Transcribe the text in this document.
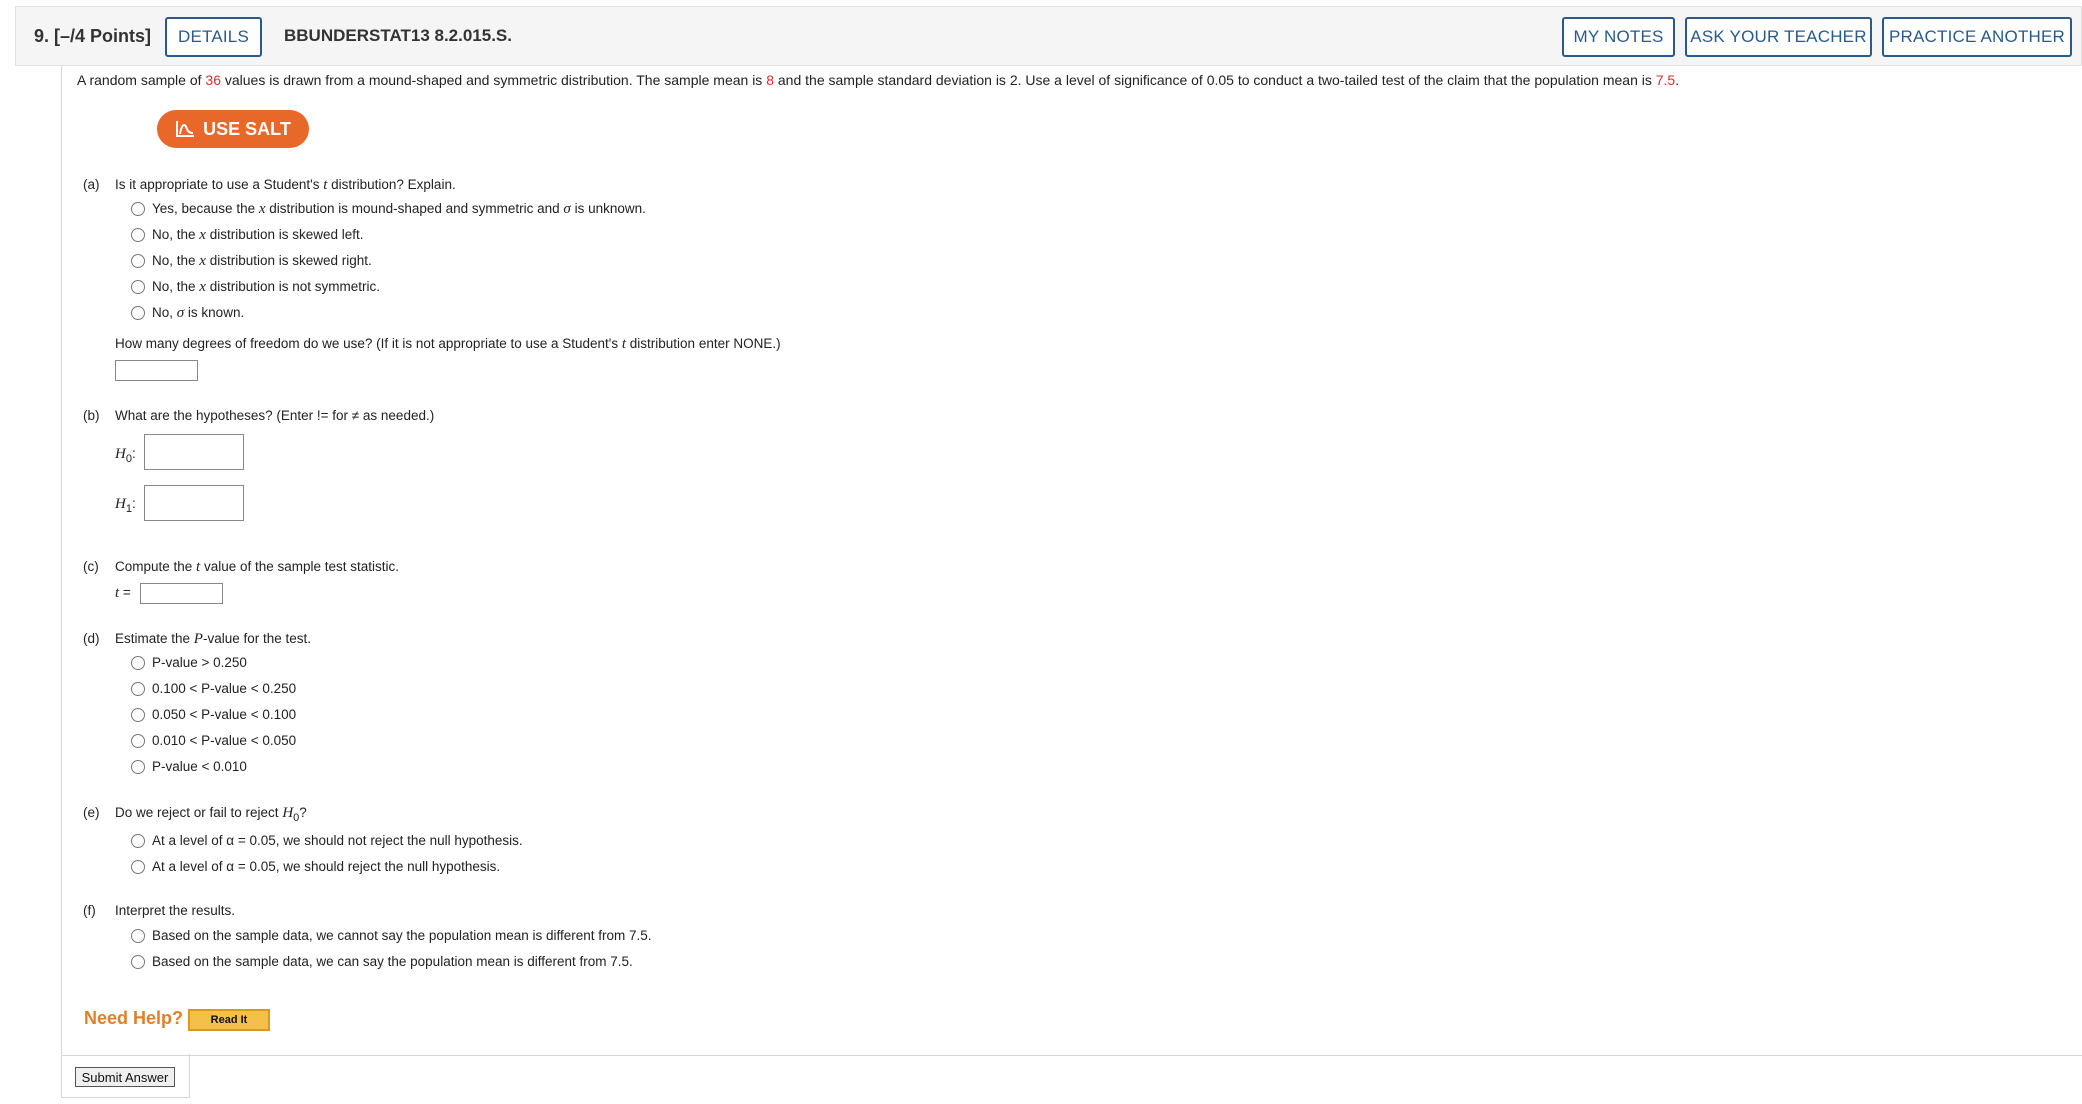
9. [–/4 Points]	DETAILS	BBUNDERSTAT13 8.2.015.S.	MY NOTES	ASK YOUR TEACHER	PRACTICE ANOTHER
A random sample of 36 values is drawn from a mound-shaped and symmetric distribution. The sample mean is 8 and the sample standard deviation is 2. Use a level of significance of 0.05 to conduct a two-tailed test of the claim that the population mean is 7.5.
USE SALT
(a) Is it appropriate to use a Student's t distribution? Explain.
Yes, because the x distribution is mound-shaped and symmetric and σ is unknown.
No, the x distribution is skewed left.
No, the x distribution is skewed right.
No, the x distribution is not symmetric.
No, σ is known.
How many degrees of freedom do we use? (If it is not appropriate to use a Student's t distribution enter NONE.)
(b) What are the hypotheses? (Enter != for ≠ as needed.)
$H_0$:
$H_1$:
(c) Compute the t value of the sample test statistic.
t =
(d) Estimate the P-value for the test.
P-value > 0.250
0.100 < P-value < 0.250
0.050 < P-value < 0.100
0.010 < P-value < 0.050
P-value < 0.010
(e) Do we reject or fail to reject $H_0$?
At a level of α = 0.05, we should not reject the null hypothesis.
At a level of α = 0.05, we should reject the null hypothesis.
(f) Interpret the results.
Based on the sample data, we cannot say the population mean is different from 7.5.
Based on the sample data, we can say the population mean is different from 7.5.
Need Help?	Read It
Submit Answer
